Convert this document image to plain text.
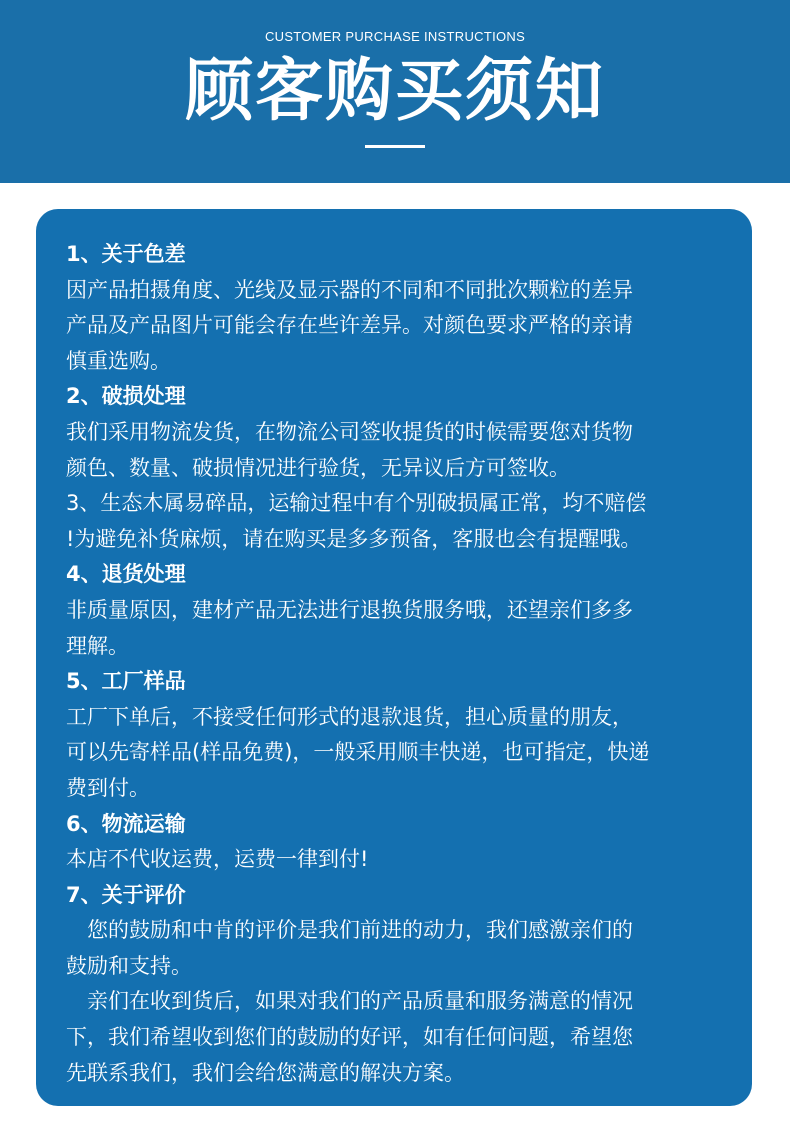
CUSTOMER PURCHASE INSTRUCTIONS
顾客购买须知
1、关于色差
因产品拍摄角度、光线及显示器的不同和不同批次颗粒的差异
产品及产品图片可能会存在些许差异。对颜色要求严格的亲请
慎重选购。
2、破损处理
我们采用物流发货，在物流公司签收提货的时候需要您对货物
颜色、数量、破损情况进行验货，无异议后方可签收。
3、生态木属易碎品，运输过程中有个别破损属正常，均不赔偿
!为避免补货麻烦，请在购买是多多预备，客服也会有提醒哦。
4、退货处理
非质量原因，建材产品无法进行退换货服务哦，还望亲们多多
理解。
5、工厂样品
工厂下单后，不接受任何形式的退款退货，担心质量的朋友，
可以先寄样品(样品免费)，一般采用顺丰快递，也可指定，快递
费到付。
6、物流运输
本店不代收运费，运费一律到付!
7、关于评价
您的鼓励和中肯的评价是我们前进的动力，我们感激亲们的
鼓励和支持。
亲们在收到货后，如果对我们的产品质量和服务满意的情况
下，我们希望收到您们的鼓励的好评，如有任何问题，希望您
先联系我们，我们会给您满意的解决方案。
